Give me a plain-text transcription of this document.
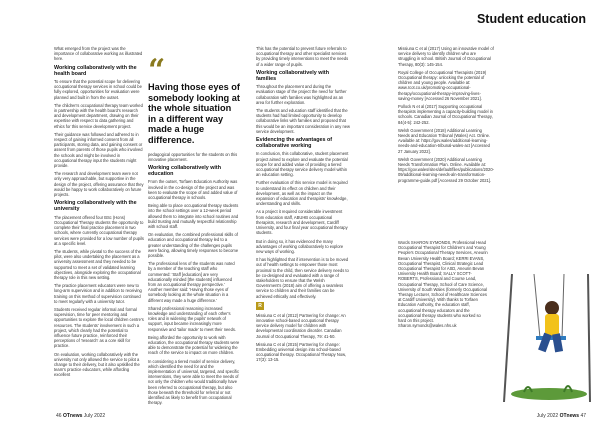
Student education

What emerged from the project was the importance of collaborative working as illustrated here.

Working collaboratively with the health board

To ensure that the potential scope for delivering occupational therapy services in school could be fully explored, opportunities for evaluation were planned and built in from the outset.

The children's occupational therapy team worked in partnership with the health board's research and development department, drawing on their expertise with respect to data gathering and ethics for this service development project.

Their guidance was followed and adhered to in respect of gaining informed consent from all participants, storing data, and gaining consent or assent from parents of those pupils who involved the schools and might be involved in occupational therapy input the students might provide.

The research and development team were not only very approachable, but supportive in the design of the project, offering assurance that they would be happy to work collaboratively on future projects.

Working collaboratively with the university

The placement offered four BSc (Hons) Occupational Therapy students the opportunity to complete their final practice placement in two schools, where currently occupational therapy services were provided for a low number of pupils at a specific level.

The students, while pivotal to the success of the pilot, were also undertaking the placement as a university assessment and they needed to be supported to meet a set of validated learning objectives, alongside exploring the occupational therapy role in this new setting.

The practice placement educators were new to long-arm supervision and in addition to receiving training on this method of supervision continued to meet regularly with a university tutor.

Students received regular informal and formal supervision, time for peer mentoring and opportunities to explore the local children centre's resources. The students' involvement in such a project, which clearly had the potential to influence future practice, reinforced their perceptions of 'research' as a core skill for practice.

On evaluation, working collaboratively with the university not only allowed the service to pilot a change to their delivery, but it also upskilled the team's practice educators, while affording excellent

“
Having those eyes of somebody looking at the whole situation in a different way made a huge difference.

pedagogical opportunities for the students on this innovative placement.

Working collaboratively with education

From the outset, Torfaen Education Authority was involved in the co-design of the project and was keen to evaluate the scope of and added value of occupational therapy in schools.

Being able to place occupational therapy students into the school settings over a 12-week period allowed them to integrate into school routines and build trusting and mutually respectful relationship with school staff.

On evaluation, the combined professional skills of education and occupational therapy led to a greater understanding of the challenges pupils were facing, allowing timely responses to become possible.

The professional lens of the students was noted by a member of the teaching staff who commented: 'Staff [education] are very educationally minded [the students] influenced from an occupational therapy perspective.' Another member said: 'Having those eyes of somebody looking at the whole situation in a different way made a huge difference.'

Shared professional reasoning increased knowledge and understanding of each other's roles and in widening the pupils' network of support, input became increasingly more responsive and 'tailor made' to meet their needs.

Being afforded the opportunity to work with education, the occupational therapy students were able to demonstrate the potential for widening the reach of the service to impact on more children.

In considering a tiered model of service delivery, which identified the need for and the implementation of universal, targeted, and specific interventions, they were able to meet the needs of not only the children who would traditionally have been referred to occupational therapy, but also those beneath the threshold for referral or not identified as likely to benefit from occupational therapy.

This has the potential to prevent future referrals to occupational therapy and other specialist services by providing timely interventions to meet the needs of a wider range of pupils.

Working collaboratively with families

Throughout the placement and during the evaluation stage of the project the need for further collaboration with families was highlighted as an area for further exploration.

The students and education staff identified that the students had had limited opportunity to develop collaborative links with families and proposed that this would be an important consideration in any new service development.

Evidencing the advantages of collaborative working

In conclusion, this collaborative, student placement project aimed to explore and evaluate the potential scope for and added value of providing a tiered occupational therapy service delivery model within an education setting.

Further evaluation of this service model is required to understand its effect on children and their development, as well as the impact on the expansion of education and therapists' knowledge, understanding and skills.

As a project it required considerable investment from education staff, ABUHB occupational therapists, research and development, Cardiff University, and four final year occupational therapy students.

But in doing so, it has evidenced the many advantages of working collaboratively to explore new ways of working.

It has highlighted that if intervention is to be moved out of health settings to empower those most proximal to the child, then service delivery needs to be co-designed and evaluated with a range of stakeholders to ensure that the Welsh Government's (2018) aim of offering a seamless service to children and their families can be achieved ethically and effectively.

R

Missiuna C et al (2012) Partnering for change: An innovative school-based occupational therapy service delivery model for children with developmental coordination disorder. Canadian Journal of Occupational Therapy, 79: 41-50.

Missiuna C et al (2015) Partnering for change: Embedding universal design into school-based occupational therapy. Occupational Therapy Now, 17(3): 13-15.

Missiuna C et al (2017) Using an innovative model of service delivery to identify children who are struggling in school. British Journal of Occupational Therapy, 80(3): 145-154.

Royal College of Occupational Therapists (2019) Occupational therapy: unlocking the potential of children and young people. Available at: www.rcot.co.uk/promoting-occupational-therapy/occupational-therapy-improving-lives-saving-money [Accessed 26 November 2021].

Pollock N et al (2017) Supporting occupational therapists implementing a capacity-building model in schools. Canadian Journal of Occupational Therapy, 84(4-5): 242-252.

Welsh Government (2018) Additional Learning Needs and Education Tribunal (Wales) Act. Online. Available at: https://gov.wales/additional-learning-needs-and-education-tribunal-wales-act [Accessed 27 January 2022].

Welsh Government (2020) Additional Learning Needs Transformation Plan. Online. Available at: https://gov.wales/sites/default/files/publications/2020-09/additional-learning-needs-aln-transformation-programme-guide.pdf [Accessed 29 October 2021].

Words SHARON SYMONDS, Professional Head Occupational Therapist for Children's and Young People's Occupational Therapy Services, Aneurin Bevan University Health Board; KERRI EVANS, Occupational Therapist, Clinical Strategic Lead Occupational Therapist for ASD, Aneurin Bevan University Health Board; SALLY SCOTT-ROBERTS, Professional and Course Lead, Occupational Therapy, School of Care Science, University of South Wales (formerly Occupational Therapy Lecturer, School of Healthcare Sciences at Cardiff University). With thanks to Torfaen Education Authority, the education staff, occupational therapy educators and the occupational therapy students who worked so hard on this project. Sharon.symonds@wales.nhs.uk

46 OTnews July 2022	July 2022 OTnews 47
